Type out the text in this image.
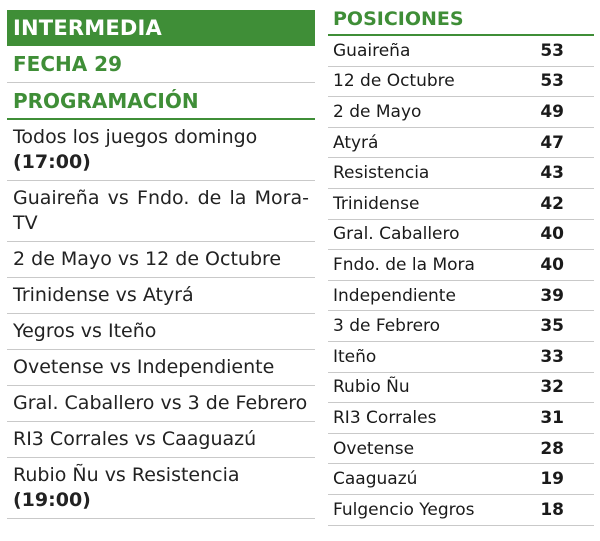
INTERMEDIA
FECHA 29
PROGRAMACIÓN
Todos los juegos domingo
(17:00)
Guaireña vs Fndo. de la Mora-TV
2 de Mayo vs 12 de Octubre
Trinidense vs Atyrá
Yegros vs Iteño
Ovetense vs Independiente
Gral. Caballero vs 3 de Febrero
RI3 Corrales vs Caaguazú
Rubio Ñu vs Resistencia
(19:00)
POSICIONES
Guaireña	53
12 de Octubre	53
2 de Mayo	49
Atyrá	47
Resistencia	43
Trinidense	42
Gral. Caballero	40
Fndo. de la Mora	40
Independiente	39
3 de Febrero	35
Iteño	33
Rubio Ñu	32
RI3 Corrales	31
Ovetense	28
Caaguazú	19
Fulgencio Yegros	18
